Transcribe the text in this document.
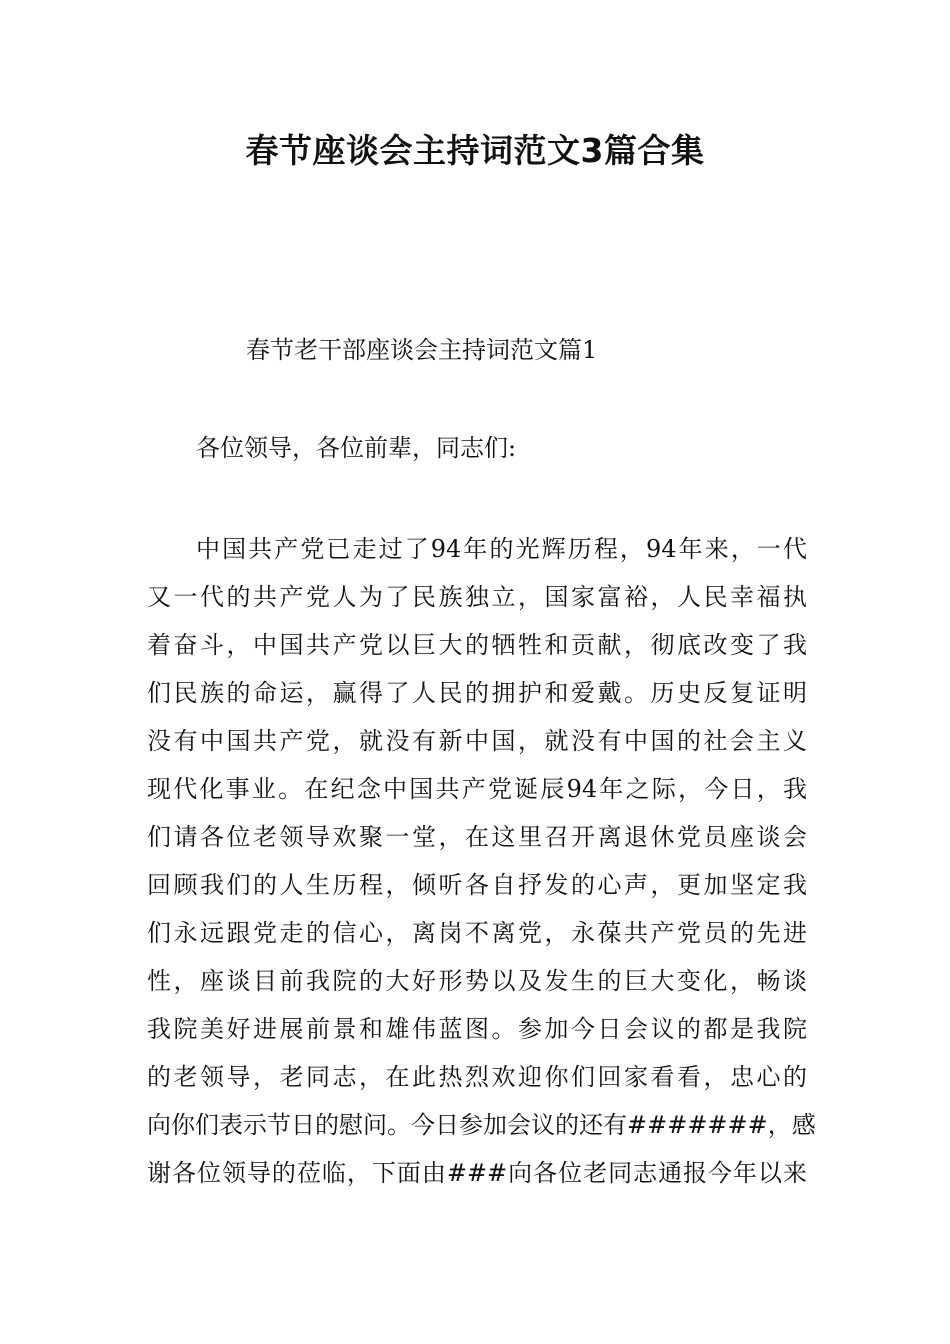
春节座谈会主持词范文3篇合集

春节老干部座谈会主持词范文篇1

各位领导，各位前辈，同志们:

中国共产党已走过了94年的光辉历程，94年来，一代
又一代的共产党人为了民族独立，国家富裕，人民幸福执
着奋斗，中国共产党以巨大的牺牲和贡献，彻底改变了我
们民族的命运，赢得了人民的拥护和爱戴。历史反复证明
没有中国共产党，就没有新中国，就没有中国的社会主义
现代化事业。在纪念中国共产党诞辰94年之际，今日，我
们请各位老领导欢聚一堂，在这里召开离退休党员座谈会
回顾我们的人生历程，倾听各自抒发的心声，更加坚定我
们永远跟党走的信心，离岗不离党，永葆共产党员的先进
性，座谈目前我院的大好形势以及发生的巨大变化，畅谈
我院美好进展前景和雄伟蓝图。参加今日会议的都是我院
的老领导，老同志，在此热烈欢迎你们回家看看，忠心的
向你们表示节日的慰问。今日参加会议的还有#######，感
谢各位领导的莅临，下面由###向各位老同志通报今年以来
